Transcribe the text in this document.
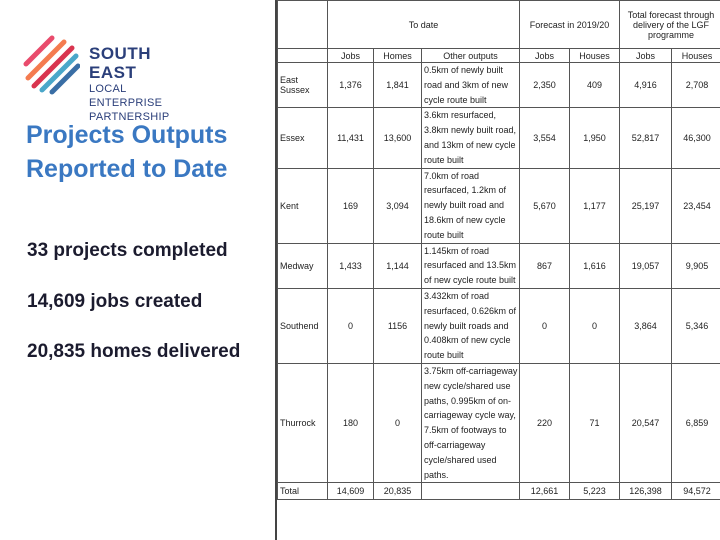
SOUTH EAST
LOCAL ENTERPRISE
PARTNERSHIP
Projects Outputs Reported to Date
33 projects completed
14,609 jobs created
20,835 homes delivered
	To date			Forecast in 2019/20		Total forecast through delivery of the LGF programme	
	Jobs	Homes	Other outputs	Jobs	Houses	Jobs	Houses
East Sussex	1,376	1,841	0.5km of newly built road and 3km of new cycle route built	2,350	409	4,916	2,708
Essex	11,431	13,600	3.6km resurfaced, 3.8km newly built road, and 13km of new cycle route built	3,554	1,950	52,817	46,300
Kent	169	3,094	7.0km of road resurfaced, 1.2km of newly built road and 18.6km of new cycle route built	5,670	1,177	25,197	23,454
Medway	1,433	1,144	1.145km of road resurfaced and 13.5km of new cycle route built	867	1,616	19,057	9,905
Southend	0	1156	3.432km of road resurfaced, 0.626km of newly built roads and 0.408km of new cycle route built	0	0	3,864	5,346
Thurrock	180	0	3.75km off-carriageway new cycle/shared use paths, 0.995km of on-carriageway cycle way, 7.5km of footways to off-carriageway cycle/shared used paths.	220	71	20,547	6,859
Total	14,609	20,835		12,661	5,223	126,398	94,572
